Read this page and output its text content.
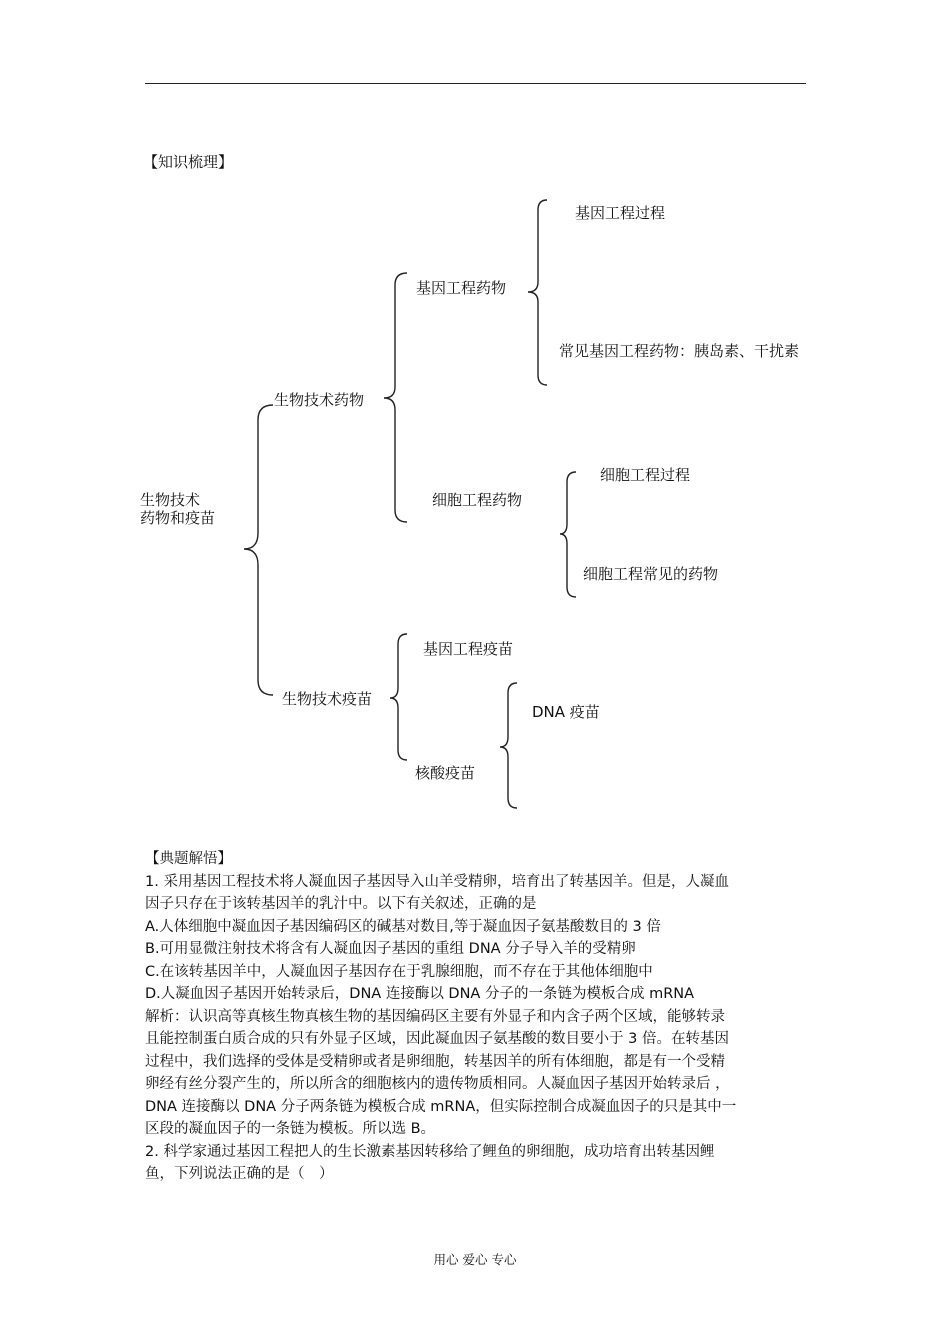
【知识梳理】
生物技术
药物和疫苗
生物技术药物
基因工程药物
基因工程过程
常见基因工程药物：胰岛素、干扰素
细胞工程药物
细胞工程过程
细胞工程常见的药物
生物技术疫苗
基因工程疫苗
核酸疫苗
DNA 疫苗
【典题解悟】
1. 采用基因工程技术将人凝血因子基因导入山羊受精卵，培育出了转基因羊。但是，人凝血
因子只存在于该转基因羊的乳汁中。以下有关叙述，正确的是
A.人体细胞中凝血因子基因编码区的碱基对数目,等于凝血因子氨基酸数目的 3 倍
B.可用显微注射技术将含有人凝血因子基因的重组 DNA 分子导入羊的受精卵
C.在该转基因羊中，人凝血因子基因存在于乳腺细胞，而不存在于其他体细胞中
D.人凝血因子基因开始转录后，DNA 连接酶以 DNA 分子的一条链为模板合成 mRNA
解析：认识高等真核生物真核生物的基因编码区主要有外显子和内含子两个区域，能够转录
且能控制蛋白质合成的只有外显子区域，因此凝血因子氨基酸的数目要小于 3 倍。在转基因
过程中，我们选择的受体是受精卵或者是卵细胞，转基因羊的所有体细胞，都是有一个受精
卵经有丝分裂产生的，所以所含的细胞核内的遗传物质相同。人凝血因子基因开始转录后 ，
DNA 连接酶以 DNA 分子两条链为模板合成 mRNA，但实际控制合成凝血因子的只是其中一
区段的凝血因子的一条链为模板。所以选 B。
2. 科学家通过基因工程把人的生长激素基因转移给了鲤鱼的卵细胞，成功培育出转基因鲤
鱼，下列说法正确的是（　）
用心 爱心 专心
